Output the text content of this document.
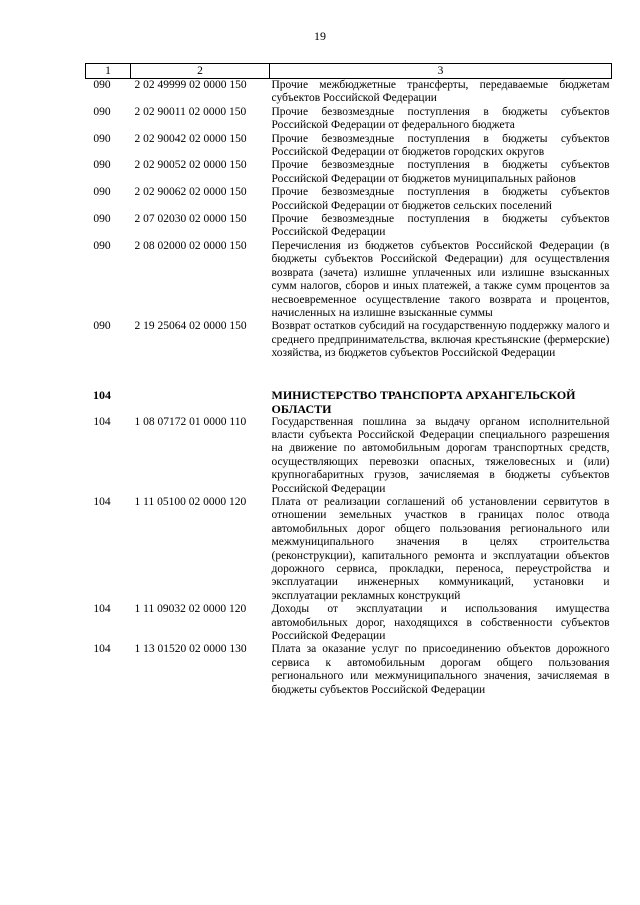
19
1	2	3
090	2 02 49999 02 0000 150	Прочие межбюджетные трансферты, передаваемые бюджетам субъектов Российской Федерации
090	2 02 90011 02 0000 150	Прочие безвозмездные поступления в бюджеты субъектов Российской Федерации от федерального бюджета
090	2 02 90042 02 0000 150	Прочие безвозмездные поступления в бюджеты субъектов Российской Федерации от бюджетов городских округов
090	2 02 90052 02 0000 150	Прочие безвозмездные поступления в бюджеты субъектов Российской Федерации от бюджетов муниципальных районов
090	2 02 90062 02 0000 150	Прочие безвозмездные поступления в бюджеты субъектов Российской Федерации от бюджетов сельских поселений
090	2 07 02030 02 0000 150	Прочие безвозмездные поступления в бюджеты субъектов Российской Федерации
090	2 08 02000 02 0000 150	Перечисления из бюджетов субъектов Российской Федерации (в бюджеты субъектов Российской Федерации) для осуществления возврата (зачета) излишне уплаченных или излишне взысканных сумм налогов, сборов и иных платежей, а также сумм процентов за несвоевременное осуществление такого возврата и процентов, начисленных на излишне взысканные суммы
090	2 19 25064 02 0000 150	Возврат остатков субсидий на государственную поддержку малого и среднего предпринимательства, включая крестьянские (фермерские) хозяйства, из бюджетов субъектов Российской Федерации

104		МИНИСТЕРСТВО ТРАНСПОРТА АРХАНГЕЛЬСКОЙ ОБЛАСТИ
104	1 08 07172 01 0000 110	Государственная пошлина за выдачу органом исполнительной власти субъекта Российской Федерации специального разрешения на движение по автомобильным дорогам транспортных средств, осуществляющих перевозки опасных, тяжеловесных и (или) крупногабаритных грузов, зачисляемая в бюджеты субъектов Российской Федерации
104	1 11 05100 02 0000 120	Плата от реализации соглашений об установлении сервитутов в отношении земельных участков в границах полос отвода автомобильных дорог общего пользования регионального или межмуниципального значения в целях строительства (реконструкции), капитального ремонта и эксплуатации объектов дорожного сервиса, прокладки, переноса, переустройства и эксплуатации инженерных коммуникаций, установки и эксплуатации рекламных конструкций
104	1 11 09032 02 0000 120	Доходы от эксплуатации и использования имущества автомобильных дорог, находящихся в собственности субъектов Российской Федерации
104	1 13 01520 02 0000 130	Плата за оказание услуг по присоединению объектов дорожного сервиса к автомобильным дорогам общего пользования регионального или межмуниципального значения, зачисляемая в бюджеты субъектов Российской Федерации
